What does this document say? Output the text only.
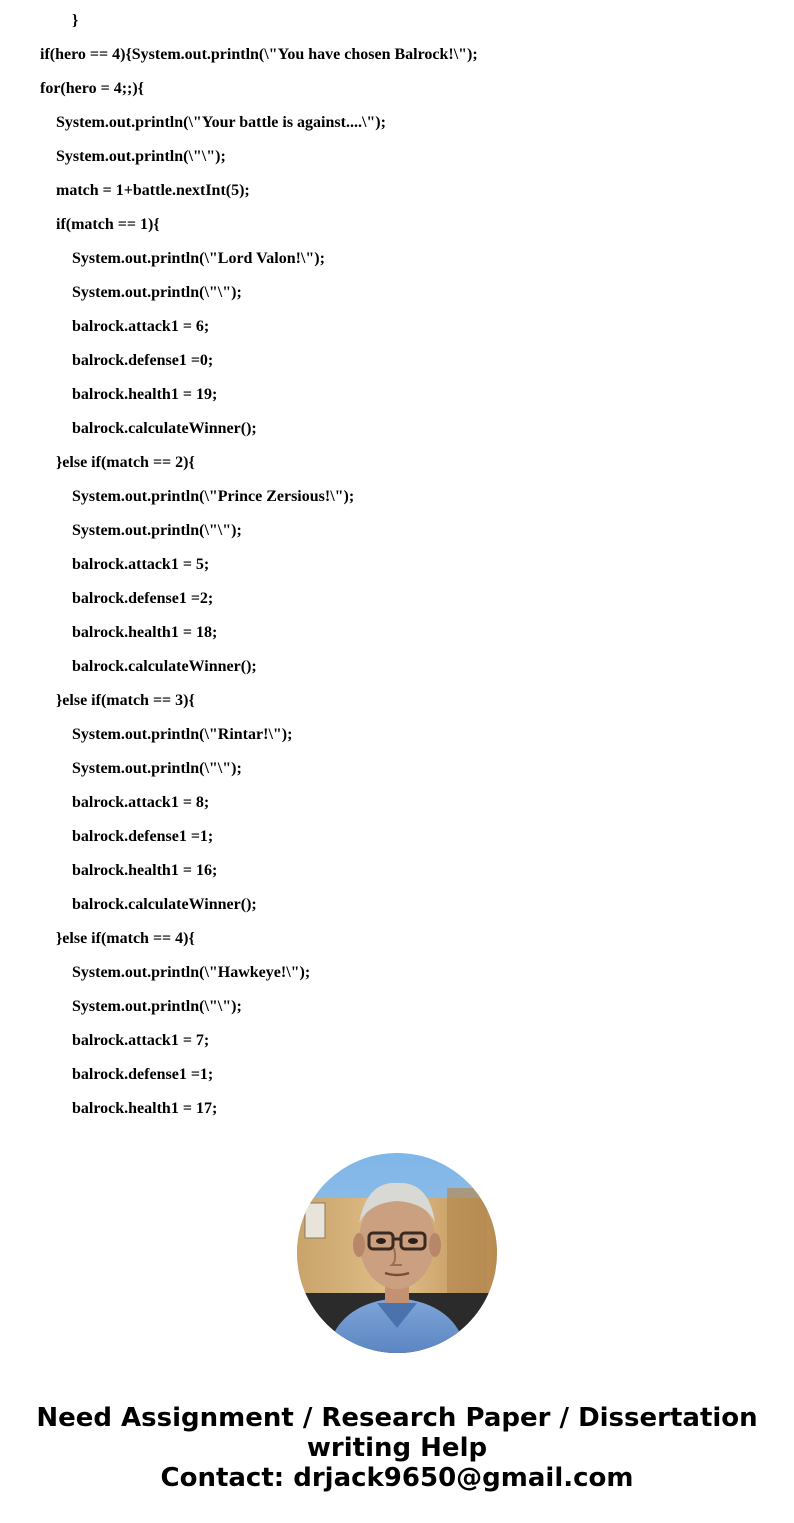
}
if(hero == 4){System.out.println(\"You have chosen Balrock!\");
for(hero = 4;;){
System.out.println(\"Your battle is against....\");
System.out.println(\"\");
match = 1+battle.nextInt(5);
if(match == 1){
System.out.println(\"Lord Valon!\");
System.out.println(\"\");
balrock.attack1 = 6;
balrock.defense1 =0;
balrock.health1 = 19;
balrock.calculateWinner();
}else if(match == 2){
System.out.println(\"Prince Zersious!\");
System.out.println(\"\");
balrock.attack1 = 5;
balrock.defense1 =2;
balrock.health1 = 18;
balrock.calculateWinner();
}else if(match == 3){
System.out.println(\"Rintar!\");
System.out.println(\"\");
balrock.attack1 = 8;
balrock.defense1 =1;
balrock.health1 = 16;
balrock.calculateWinner();
}else if(match == 4){
System.out.println(\"Hawkeye!\");
System.out.println(\"\");
balrock.attack1 = 7;
balrock.defense1 =1;
balrock.health1 = 17;
Need Assignment / Research Paper / Dissertation
writing Help
Contact: drjack9650@gmail.com
